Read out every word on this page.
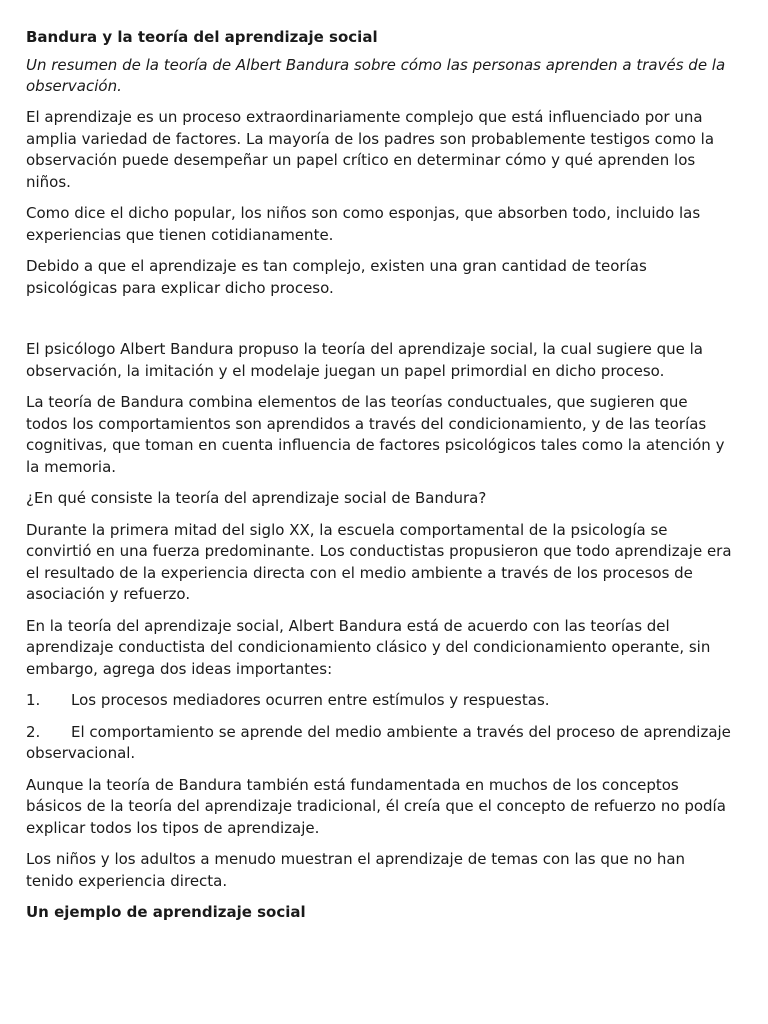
Bandura y la teoría del aprendizaje social

Un resumen de la teoría de Albert Bandura sobre cómo las personas aprenden a través de la observación.

El aprendizaje es un proceso extraordinariamente complejo que está influenciado por una amplia variedad de factores. La mayoría de los padres son probablemente testigos como la observación puede desempeñar un papel crítico en determinar cómo y qué aprenden los niños.

Como dice el dicho popular, los niños son como esponjas, que absorben todo, incluido las experiencias que tienen cotidianamente.

Debido a que el aprendizaje es tan complejo, existen una gran cantidad de teorías psicológicas para explicar dicho proceso.

El psicólogo Albert Bandura propuso la teoría del aprendizaje social, la cual sugiere que la observación, la imitación y el modelaje juegan un papel primordial en dicho proceso.

La teoría de Bandura combina elementos de las teorías conductuales, que sugieren que todos los comportamientos son aprendidos a través del condicionamiento, y de las teorías cognitivas, que toman en cuenta influencia de factores psicológicos tales como la atención y la memoria.

¿En qué consiste la teoría del aprendizaje social de Bandura?

Durante la primera mitad del siglo XX, la escuela comportamental de la psicología se convirtió en una fuerza predominante. Los conductistas propusieron que todo aprendizaje era el resultado de la experiencia directa con el medio ambiente a través de los procesos de asociación y refuerzo.

En la teoría del aprendizaje social, Albert Bandura está de acuerdo con las teorías del aprendizaje conductista del condicionamiento clásico y del condicionamiento operante, sin embargo, agrega dos ideas importantes:

1. Los procesos mediadores ocurren entre estímulos y respuestas.
2. El comportamiento se aprende del medio ambiente a través del proceso de aprendizaje observacional.

Aunque la teoría de Bandura también está fundamentada en muchos de los conceptos básicos de la teoría del aprendizaje tradicional, él creía que el concepto de refuerzo no podía explicar todos los tipos de aprendizaje.

Los niños y los adultos a menudo muestran el aprendizaje de temas con las que no han tenido experiencia directa.

Un ejemplo de aprendizaje social
